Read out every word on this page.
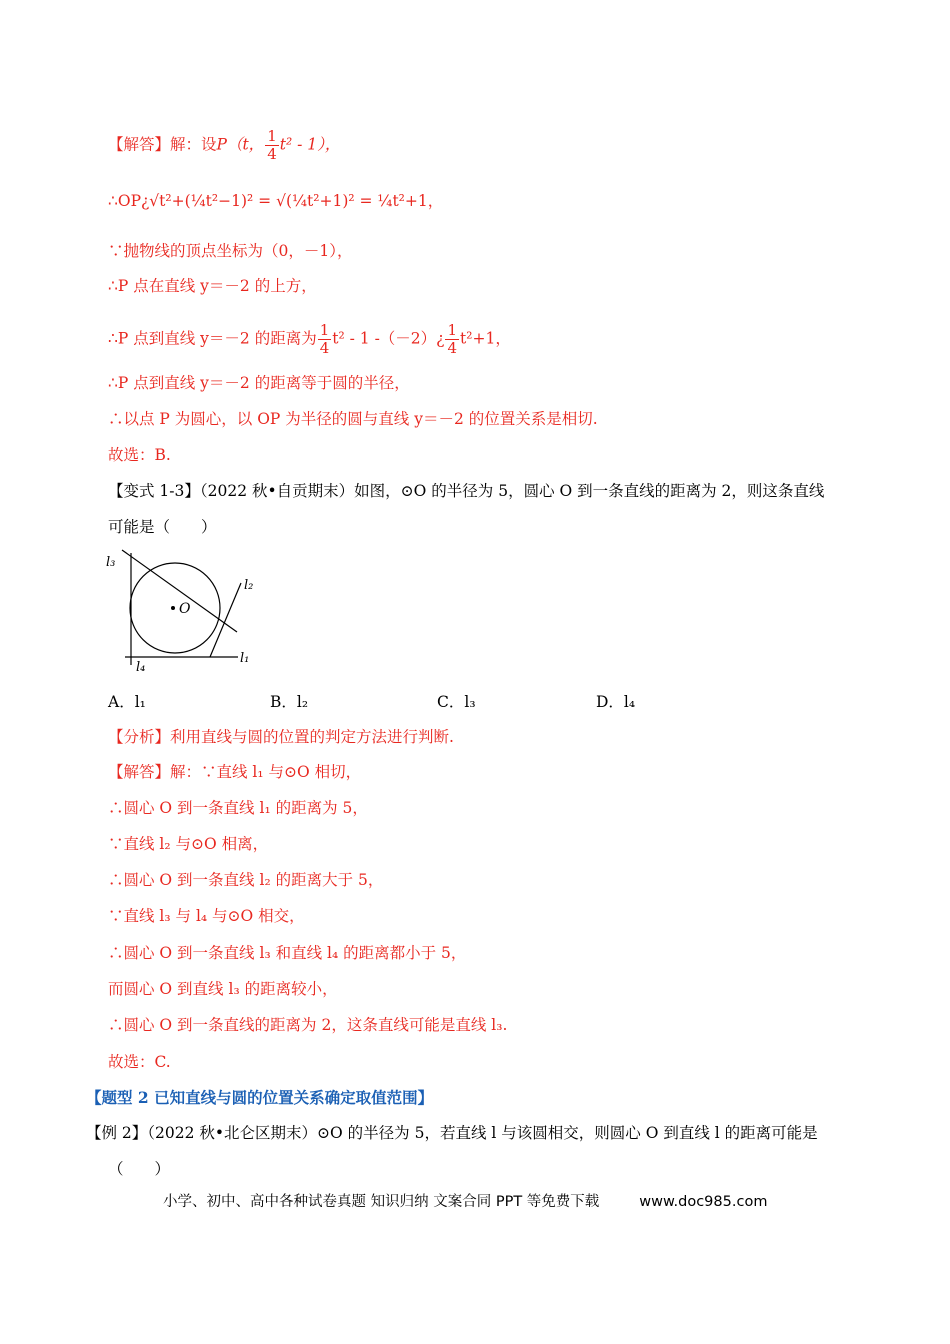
【解答】解：设P（t， $\frac{1}{4} t^2 - 1$），
∴OP¿√t²+(¼t²−1)² = √(¼t²+1)² = ¼t²+1，
∵抛物线的顶点坐标为（0，－1），
∴P 点在直线 y＝－2 的上方，
∴P 点到直线 y＝－2 的距离为 $\frac{1}{4} t^2 - 1$ -（－2）¿ $\frac{1}{4} t^2+1$，
∴P 点到直线 y＝－2 的距离等于圆的半径，
∴以点 P 为圆心，以 OP 为半径的圆与直线 y＝－2 的位置关系是相切.
故选：B.
【变式 1-3】（2022 秋•自贡期末）如图，⊙O 的半径为 5，圆心 O 到一条直线的距离为 2，则这条直线
可能是（　　）
O
l₃
l₂
l₁
l₄
A．l₁	B．l₂	C．l₃	D．l₄
【分析】利用直线与圆的位置的判定方法进行判断.
【解答】解：∵直线 l₁ 与⊙O 相切，
∴圆心 O 到一条直线 l₁ 的距离为 5，
∵直线 l₂ 与⊙O 相离，
∴圆心 O 到一条直线 l₂ 的距离大于 5，
∵直线 l₃ 与 l₄ 与⊙O 相交，
∴圆心 O 到一条直线 l₃ 和直线 l₄ 的距离都小于 5，
而圆心 O 到直线 l₃ 的距离较小，
∴圆心 O 到一条直线的距离为 2，这条直线可能是直线 l₃.
故选：C.
【题型 2 已知直线与圆的位置关系确定取值范围】
【例 2】（2022 秋•北仑区期末）⊙O 的半径为 5，若直线 l 与该圆相交，则圆心 O 到直线 l 的距离可能是
（　　）
小学、初中、高中各种试卷真题 知识归纳 文案合同 PPT 等免费下载	www.doc985.com
